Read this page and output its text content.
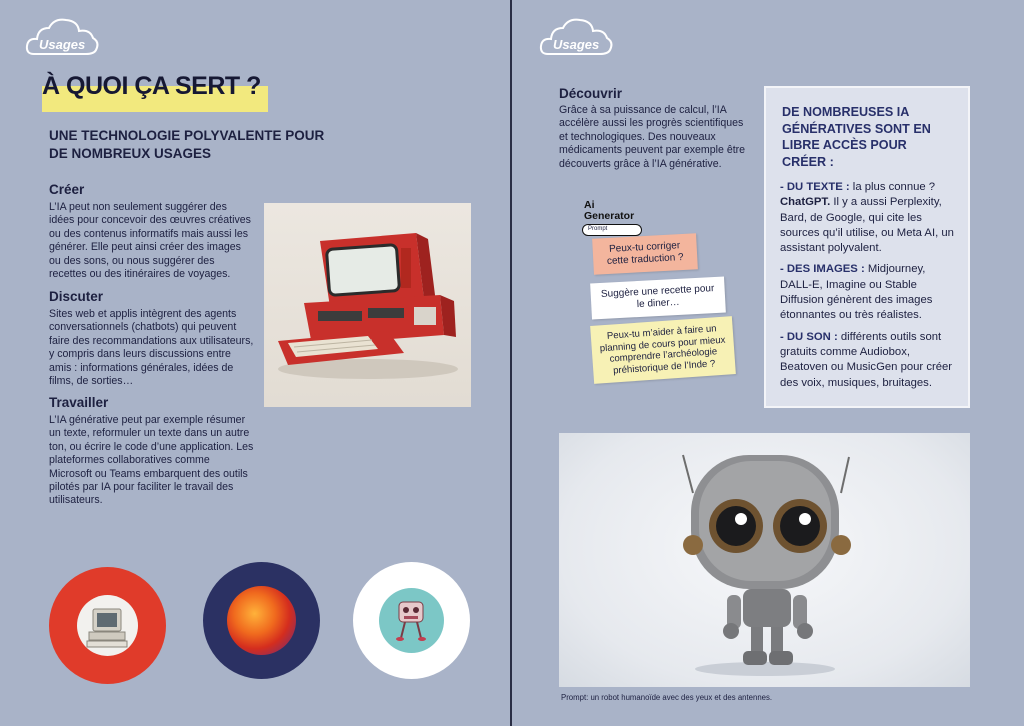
Usages
À QUOI ÇA SERT ?
UNE TECHNOLOGIE POLYVALENTE POUR DE NOMBREUX USAGES
Créer
L’IA peut non seulement suggérer des idées pour concevoir des œuvres créatives ou des contenus informatifs mais aussi les générer. Elle peut ainsi créer des images ou des sons, ou nous suggérer des recettes ou des itinéraires de voyages.
Discuter
Sites web et applis intègrent des agents conversationnels (chatbots) qui peuvent faire des recommandations aux utilisateurs, y compris dans leurs discussions entre amis : informations générales, idées de films, de sorties…
Travailler
L’IA générative peut par exemple résumer un texte, reformuler un texte dans un autre ton, ou écrire le code d’une application. Les plateformes collaboratives comme Microsoft ou Teams embarquent des outils pilotés par IA pour faciliter le travail des utilisateurs.
Usages
Découvrir
Grâce à sa puissance de calcul, l’IA accélère aussi les progrès scientifiques et technologiques. Des nouveaux médicaments peuvent par exemple être découverts grâce à l’IA générative.
Ai
Generator
Prompt
Peux-tu corriger cette traduction ?
Suggère une recette pour le diner…
Peux-tu m’aider à faire un planning de cours pour mieux comprendre l’archéologie préhistorique de l’Inde ?
DE NOMBREUSES IA GÉNÉRATIVES SONT EN LIBRE ACCÈS POUR CRÉER :
- DU TEXTE : la plus connue ? ChatGPT. Il y a aussi Perplexity, Bard, de Google, qui cite les sources qu’il utilise, ou Meta AI, un assistant polyvalent.
- DES IMAGES : Midjourney, DALL-E, Imagine ou Stable Diffusion génèrent des images étonnantes ou très réalistes.
- DU SON : différents outils sont gratuits comme Audiobox, Beatoven ou MusicGen pour créer des voix, musiques, bruitages.
Prompt: un robot humanoïde avec des yeux et des antennes.
